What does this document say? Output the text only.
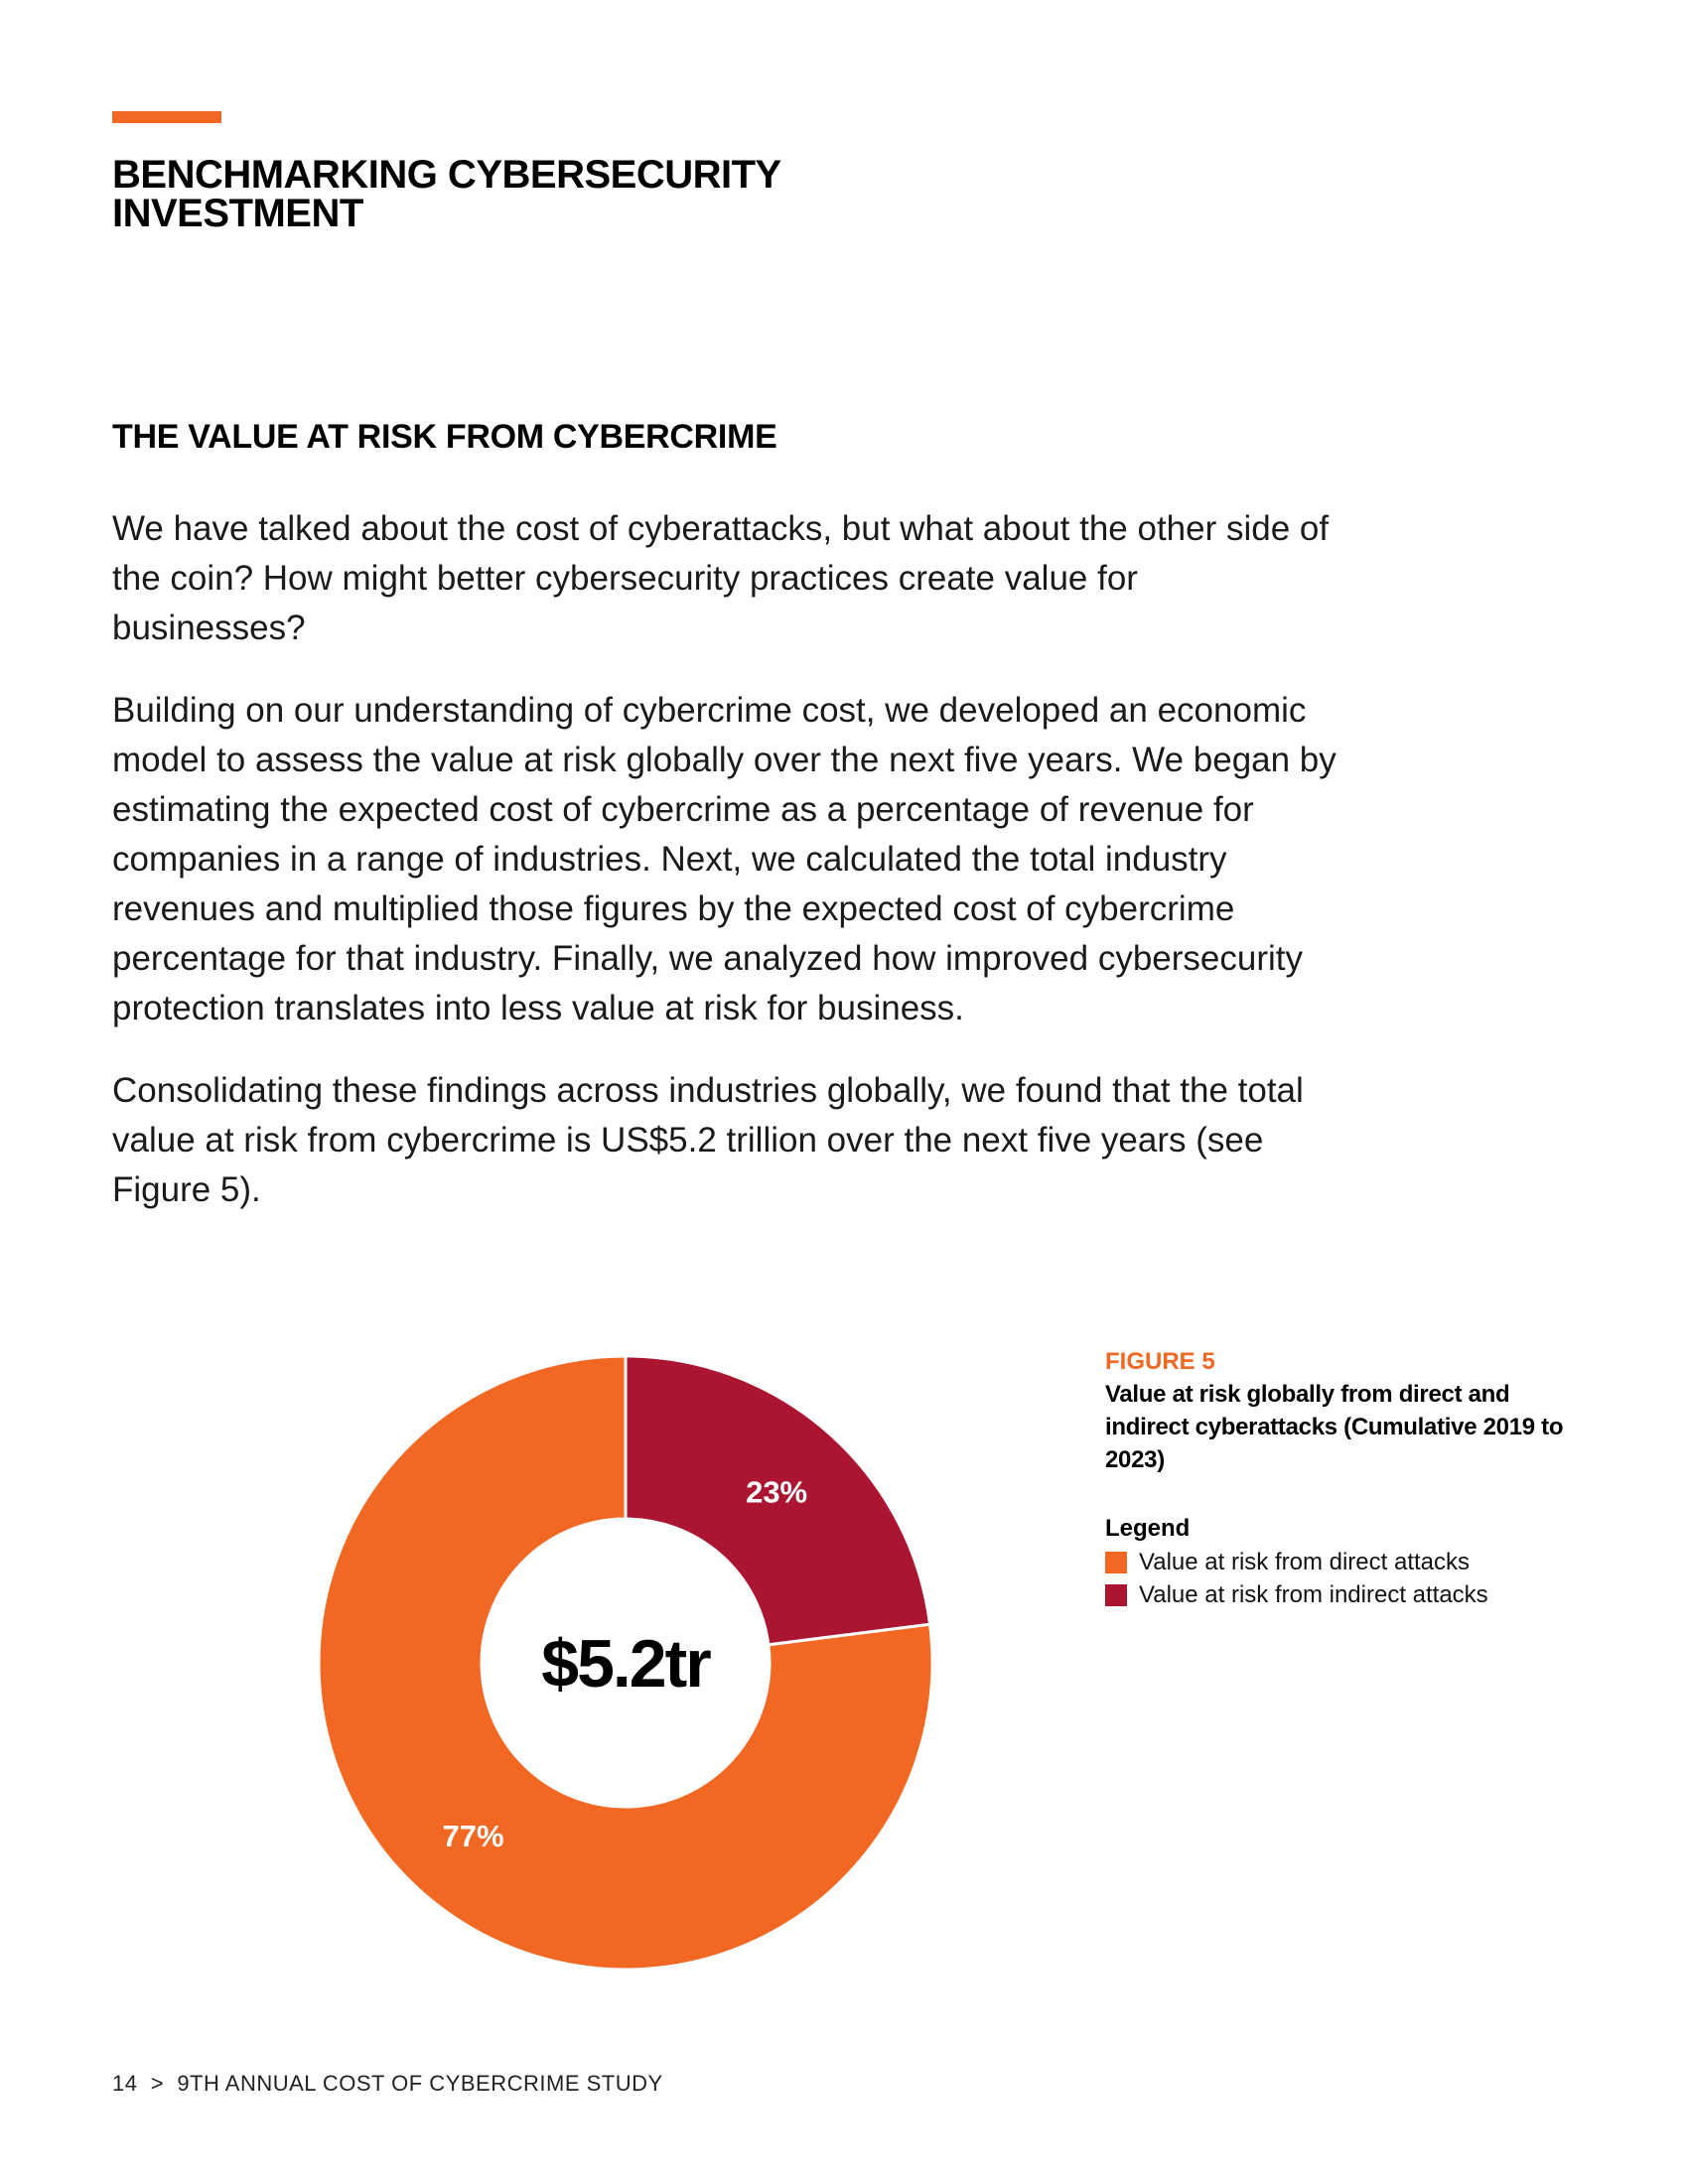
BENCHMARKING CYBERSECURITY
INVESTMENT
THE VALUE AT RISK FROM CYBERCRIME

We have talked about the cost of cyberattacks, but what about the other side of the coin? How might better cybersecurity practices create value for businesses?

Building on our understanding of cybercrime cost, we developed an economic model to assess the value at risk globally over the next five years. We began by estimating the expected cost of cybercrime as a percentage of revenue for companies in a range of industries. Next, we calculated the total industry revenues and multiplied those figures by the expected cost of cybercrime percentage for that industry. Finally, we analyzed how improved cybersecurity protection translates into less value at risk for business.

Consolidating these findings across industries globally, we found that the total value at risk from cybercrime is US$5.2 trillion over the next five years (see Figure 5).

23%
77%
$5.2tr
FIGURE 5
Value at risk globally from direct and indirect cyberattacks (Cumulative 2019 to 2023)
Legend
Value at risk from direct attacks
Value at risk from indirect attacks
14 > 9TH ANNUAL COST OF CYBERCRIME STUDY
